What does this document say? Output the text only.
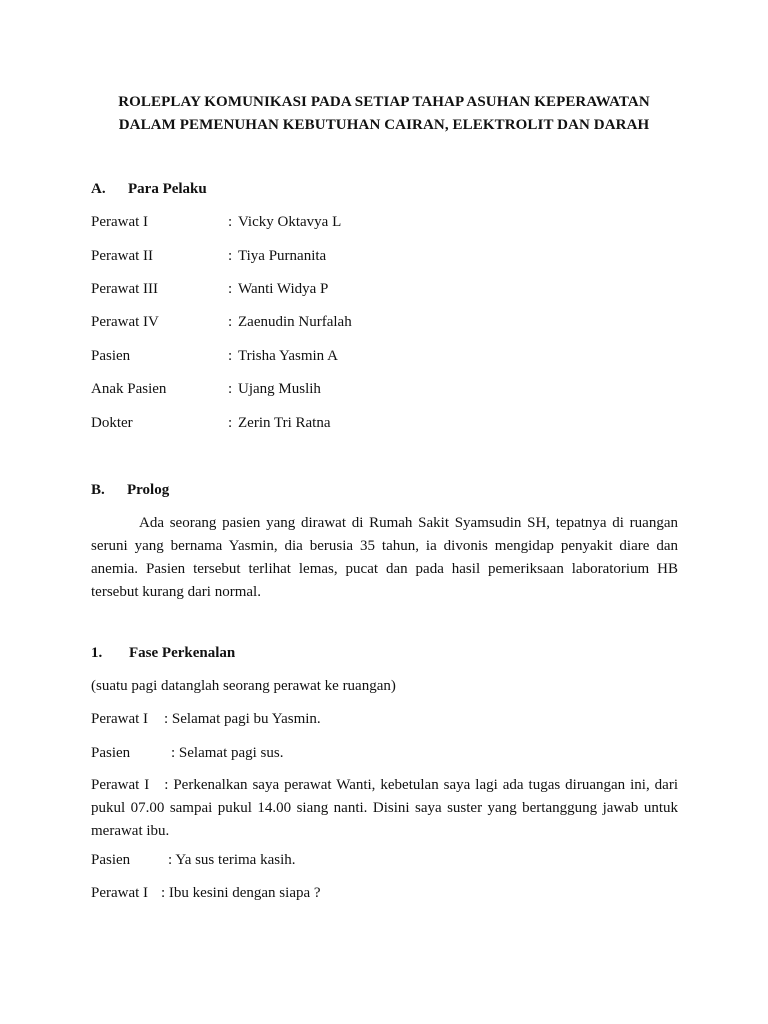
ROLEPLAY KOMUNIKASI PADA SETIAP TAHAP ASUHAN KEPERAWATAN
DALAM PEMENUHAN KEBUTUHAN CAIRAN, ELEKTROLIT DAN DARAH
A. Para Pelaku
Perawat I	: Vicky Oktavya L
Perawat II	: Tiya Purnanita
Perawat III	: Wanti Widya P
Perawat IV	: Zaenudin Nurfalah
Pasien	: Trisha Yasmin A
Anak Pasien	: Ujang Muslih
Dokter	: Zerin Tri Ratna
B. Prolog
Ada seorang pasien yang dirawat di Rumah Sakit Syamsudin SH, tepatnya di ruangan seruni yang bernama Yasmin, dia berusia 35 tahun, ia divonis mengidap penyakit diare dan anemia. Pasien tersebut terlihat lemas, pucat dan pada hasil pemeriksaan laboratorium HB tersebut kurang dari normal.
1. Fase Perkenalan
(suatu pagi datanglah seorang perawat ke ruangan)
Perawat I : Selamat pagi bu Yasmin.
Pasien	: Selamat pagi sus.
Perawat I : Perkenalkan saya perawat Wanti, kebetulan saya lagi ada tugas diruangan ini, dari pukul 07.00 sampai pukul 14.00 siang nanti. Disini saya suster yang bertanggung jawab untuk merawat ibu.
Pasien	: Ya sus terima kasih.
Perawat I : Ibu kesini dengan siapa ?
